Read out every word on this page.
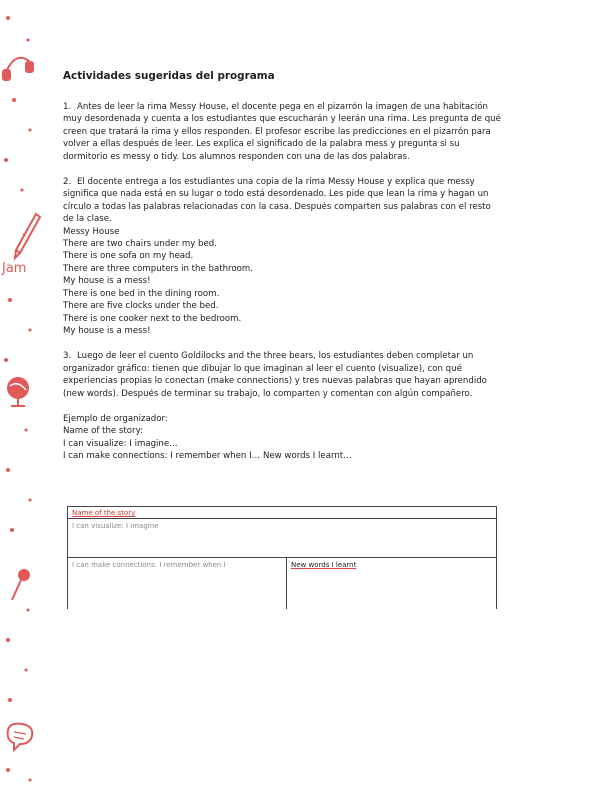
Jam
Actividades sugeridas del programa

1. Antes de leer la rima Messy House, el docente pega en el pizarrón la imagen de una habitación muy desordenada y cuenta a los estudiantes que escucharán y leerán una rima. Les pregunta de qué creen que tratará la rima y ellos responden. El profesor escribe las predicciones en el pizarrón para volver a ellas después de leer. Les explica el significado de la palabra mess y pregunta si su dormitorio es messy o tidy. Los alumnos responden con una de las dos palabras.

2. El docente entrega a los estudiantes una copia de la rima Messy House y explica que messy significa que nada está en su lugar o todo está desordenado. Les pide que lean la rima y hagan un círculo a todas las palabras relacionadas con la casa. Después comparten sus palabras con el resto de la clase.

Messy House
There are two chairs under my bed.
There is one sofa on my head.
There are three computers in the bathroom.
My house is a mess!
There is one bed in the dining room.
There are five clocks under the bed.
There is one cooker next to the bedroom.
My house is a mess!

3. Luego de leer el cuento Goldilocks and the three bears, los estudiantes deben completar un organizador gráfico: tienen que dibujar lo que imaginan al leer el cuento (visualize), con qué experiencias propias lo conectan (make connections) y tres nuevas palabras que hayan aprendido (new words). Después de terminar su trabajo, lo comparten y comentan con algún compañero.

Ejemplo de organizador:
Name of the story:
I can visualize: I imagine…
I can make connections: I remember when I… New words I learnt…
Name of the story
I can visualize: I imagine
I can make connections: I remember when I	New words I learnt
